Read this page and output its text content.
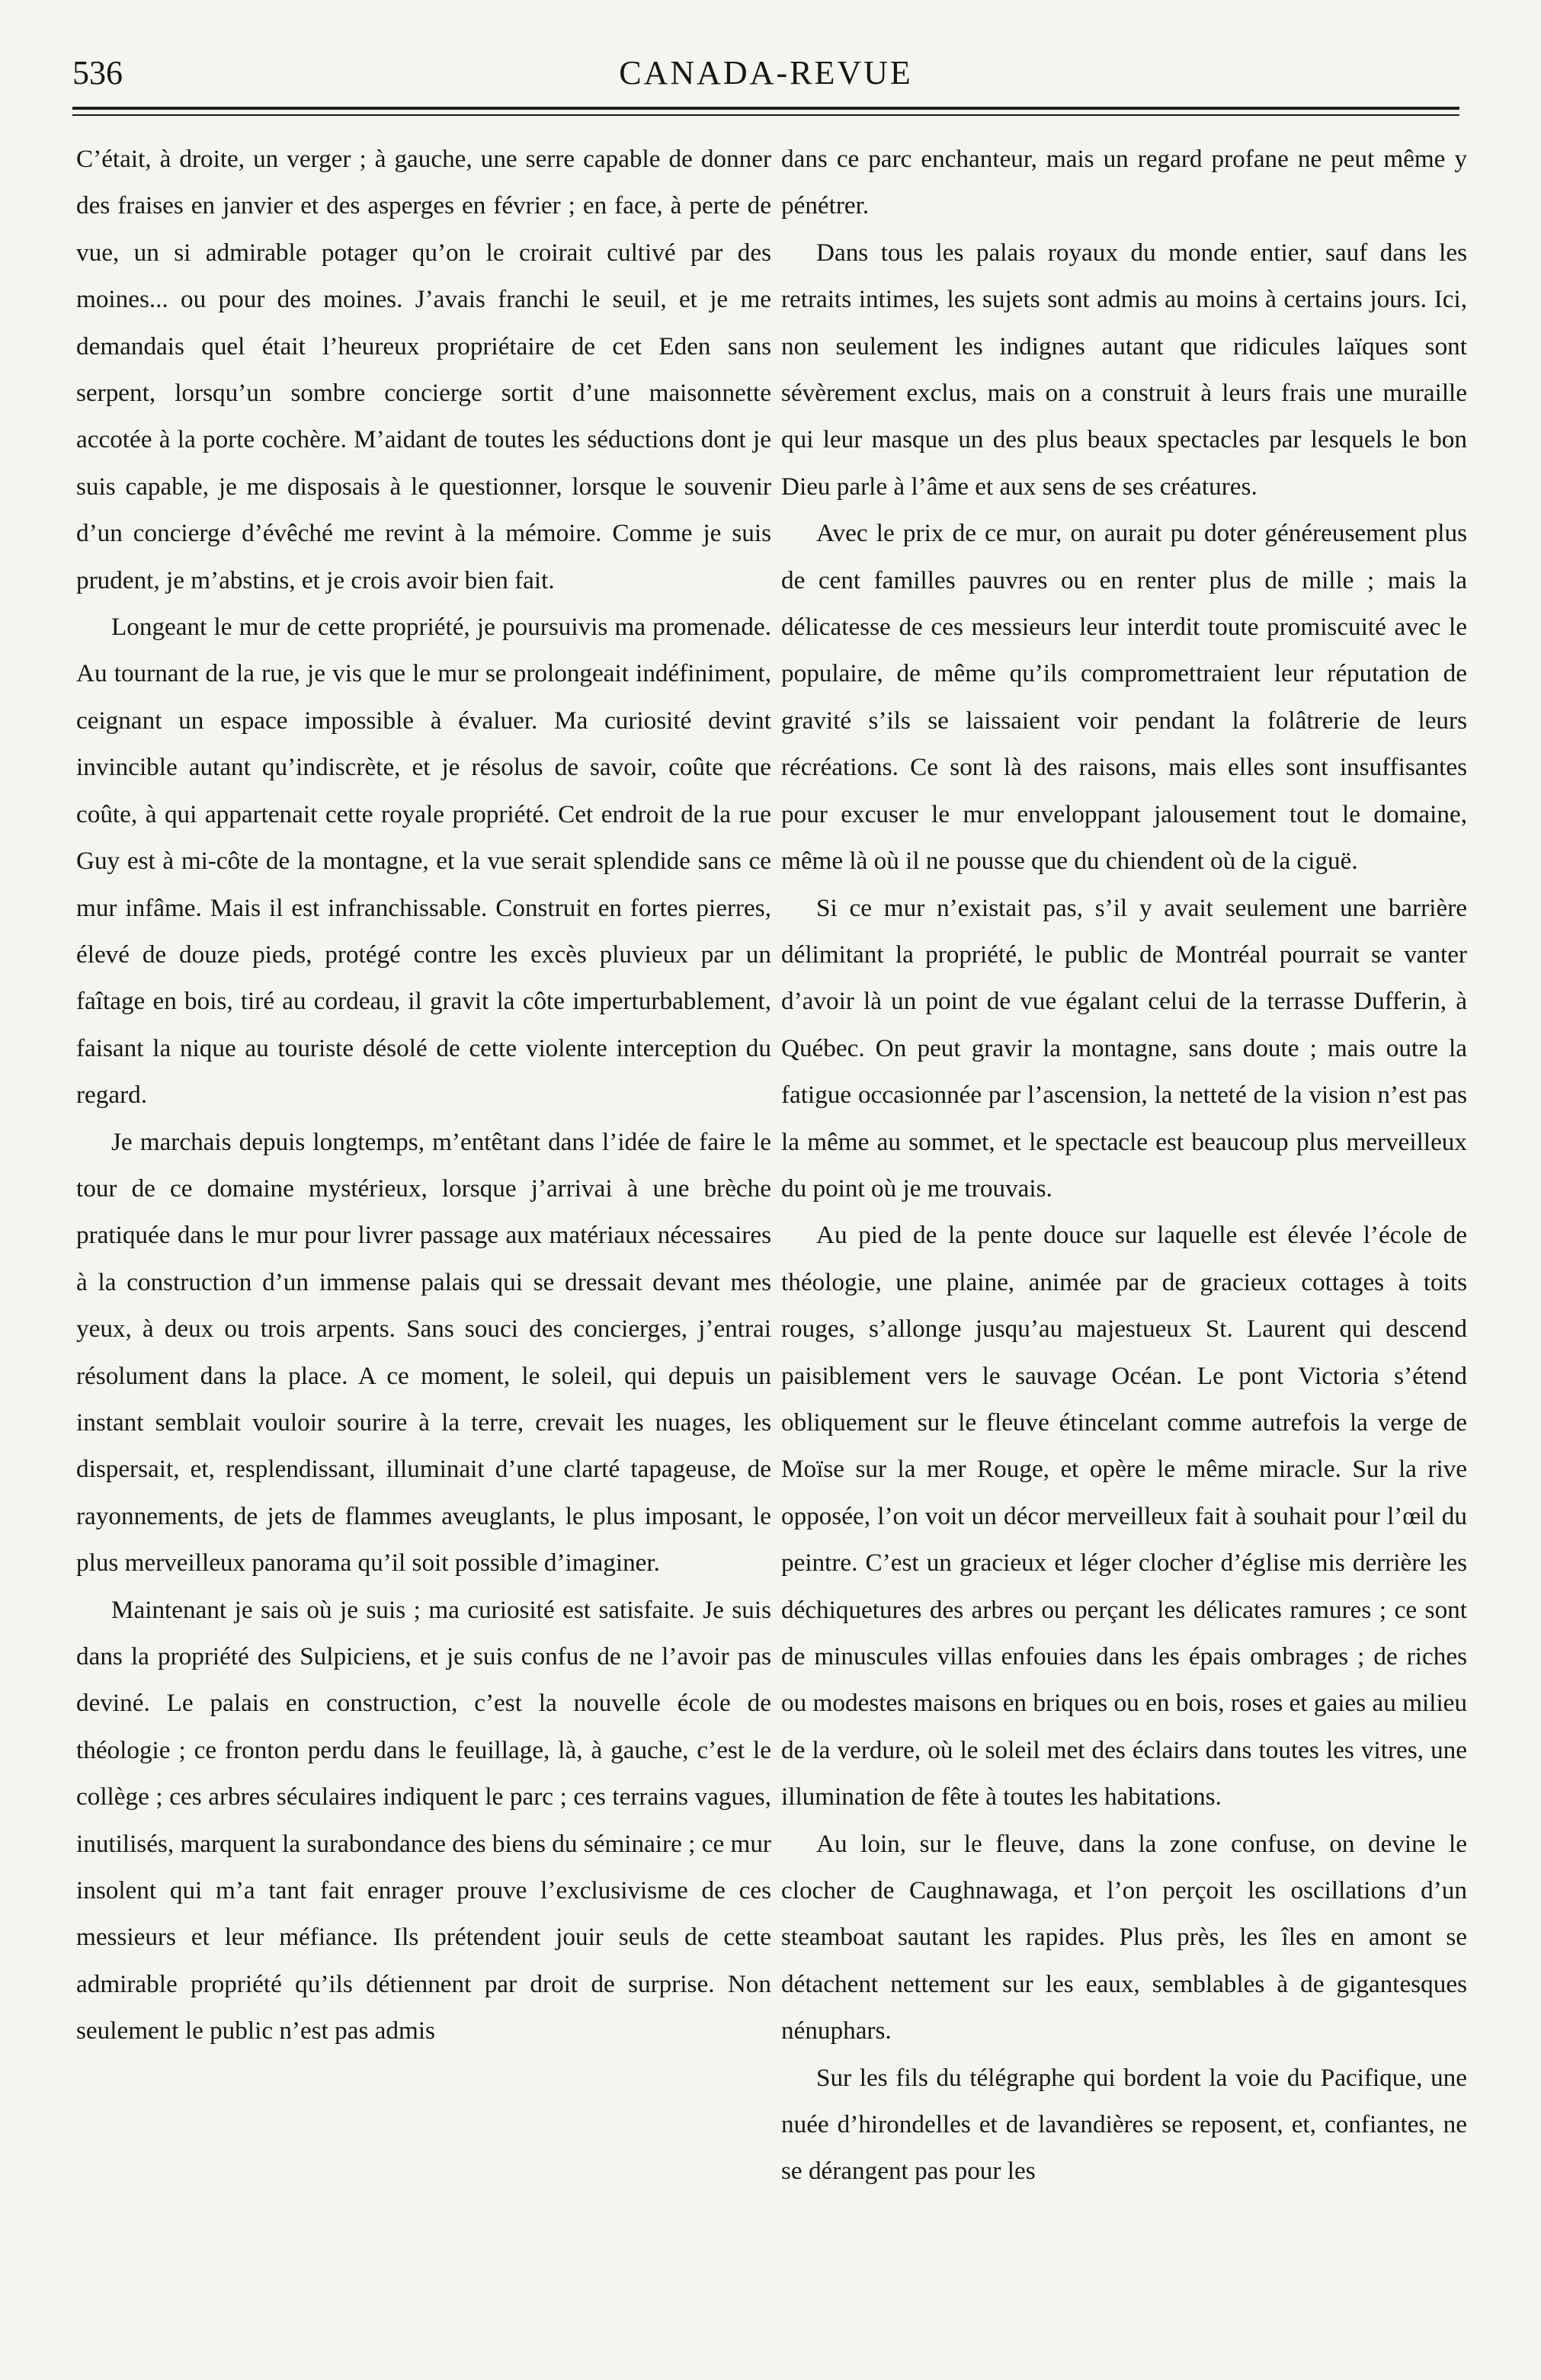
536	CANADA-REVUE

C’était, à droite, un verger ; à gauche, une serre capable de donner des fraises en janvier et des asperges en février ; en face, à perte de vue, un si admirable potager qu’on le croirait cultivé par des moines... ou pour des moines. J’avais franchi le seuil, et je me demandais quel était l’heureux propriétaire de cet Eden sans serpent, lorsqu’un sombre concierge sortit d’une maisonnette accotée à la porte cochère. M’aidant de toutes les séductions dont je suis capable, je me disposais à le questionner, lorsque le souvenir d’un concierge d’évêché me revint à la mémoire. Comme je suis prudent, je m’abstins, et je crois avoir bien fait.

Longeant le mur de cette propriété, je poursuivis ma promenade. Au tournant de la rue, je vis que le mur se prolongeait indéfiniment, ceignant un espace impossible à évaluer. Ma curiosité devint invincible autant qu’indiscrète, et je résolus de savoir, coûte que coûte, à qui appartenait cette royale propriété. Cet endroit de la rue Guy est à mi-côte de la montagne, et la vue serait splendide sans ce mur infâme. Mais il est infranchissable. Construit en fortes pierres, élevé de douze pieds, protégé contre les excès pluvieux par un faîtage en bois, tiré au cordeau, il gravit la côte imperturbablement, faisant la nique au touriste désolé de cette violente interception du regard.

Je marchais depuis longtemps, m’entêtant dans l’idée de faire le tour de ce domaine mystérieux, lorsque j’arrivai à une brèche pratiquée dans le mur pour livrer passage aux matériaux nécessaires à la construction d’un immense palais qui se dressait devant mes yeux, à deux ou trois arpents. Sans souci des concierges, j’entrai résolument dans la place. A ce moment, le soleil, qui depuis un instant semblait vouloir sourire à la terre, crevait les nuages, les dispersait, et, resplendissant, illuminait d’une clarté tapageuse, de rayonnements, de jets de flammes aveuglants, le plus imposant, le plus merveilleux panorama qu’il soit possible d’imaginer.

Maintenant je sais où je suis ; ma curiosité est satisfaite. Je suis dans la propriété des Sulpiciens, et je suis confus de ne l’avoir pas deviné. Le palais en construction, c’est la nouvelle école de théologie ; ce fronton perdu dans le feuillage, là, à gauche, c’est le collège ; ces arbres séculaires indiquent le parc ; ces terrains vagues, inutilisés, marquent la surabondance des biens du séminaire ; ce mur insolent qui m’a tant fait enrager prouve l’exclusivisme de ces messieurs et leur méfiance. Ils prétendent jouir seuls de cette admirable propriété qu’ils détiennent par droit de surprise. Non seulement le public n’est pas admis

dans ce parc enchanteur, mais un regard profane ne peut même y pénétrer.

Dans tous les palais royaux du monde entier, sauf dans les retraits intimes, les sujets sont admis au moins à certains jours. Ici, non seulement les indignes autant que ridicules laïques sont sévèrement exclus, mais on a construit à leurs frais une muraille qui leur masque un des plus beaux spectacles par lesquels le bon Dieu parle à l’âme et aux sens de ses créatures.

Avec le prix de ce mur, on aurait pu doter généreusement plus de cent familles pauvres ou en renter plus de mille ; mais la délicatesse de ces messieurs leur interdit toute promiscuité avec le populaire, de même qu’ils compromettraient leur réputation de gravité s’ils se laissaient voir pendant la folâtrerie de leurs récréations. Ce sont là des raisons, mais elles sont insuffisantes pour excuser le mur enveloppant jalousement tout le domaine, même là où il ne pousse que du chiendent où de la ciguë.

Si ce mur n’existait pas, s’il y avait seulement une barrière délimitant la propriété, le public de Montréal pourrait se vanter d’avoir là un point de vue égalant celui de la terrasse Dufferin, à Québec. On peut gravir la montagne, sans doute ; mais outre la fatigue occasionnée par l’ascension, la netteté de la vision n’est pas la même au sommet, et le spectacle est beaucoup plus merveilleux du point où je me trouvais.

Au pied de la pente douce sur laquelle est élevée l’école de théologie, une plaine, animée par de gracieux cottages à toits rouges, s’allonge jusqu’au majestueux St. Laurent qui descend paisiblement vers le sauvage Océan. Le pont Victoria s’étend obliquement sur le fleuve étincelant comme autrefois la verge de Moïse sur la mer Rouge, et opère le même miracle. Sur la rive opposée, l’on voit un décor merveilleux fait à souhait pour l’œil du peintre. C’est un gracieux et léger clocher d’église mis derrière les déchiquetures des arbres ou perçant les délicates ramures ; ce sont de minuscules villas enfouies dans les épais ombrages ; de riches ou modestes maisons en briques ou en bois, roses et gaies au milieu de la verdure, où le soleil met des éclairs dans toutes les vitres, une illumination de fête à toutes les habitations.

Au loin, sur le fleuve, dans la zone confuse, on devine le clocher de Caughnawaga, et l’on perçoit les oscillations d’un steamboat sautant les rapides. Plus près, les îles en amont se détachent nettement sur les eaux, semblables à de gigantesques nénuphars.

Sur les fils du télégraphe qui bordent la voie du Pacifique, une nuée d’hirondelles et de lavandières se reposent, et, confiantes, ne se dérangent pas pour les
